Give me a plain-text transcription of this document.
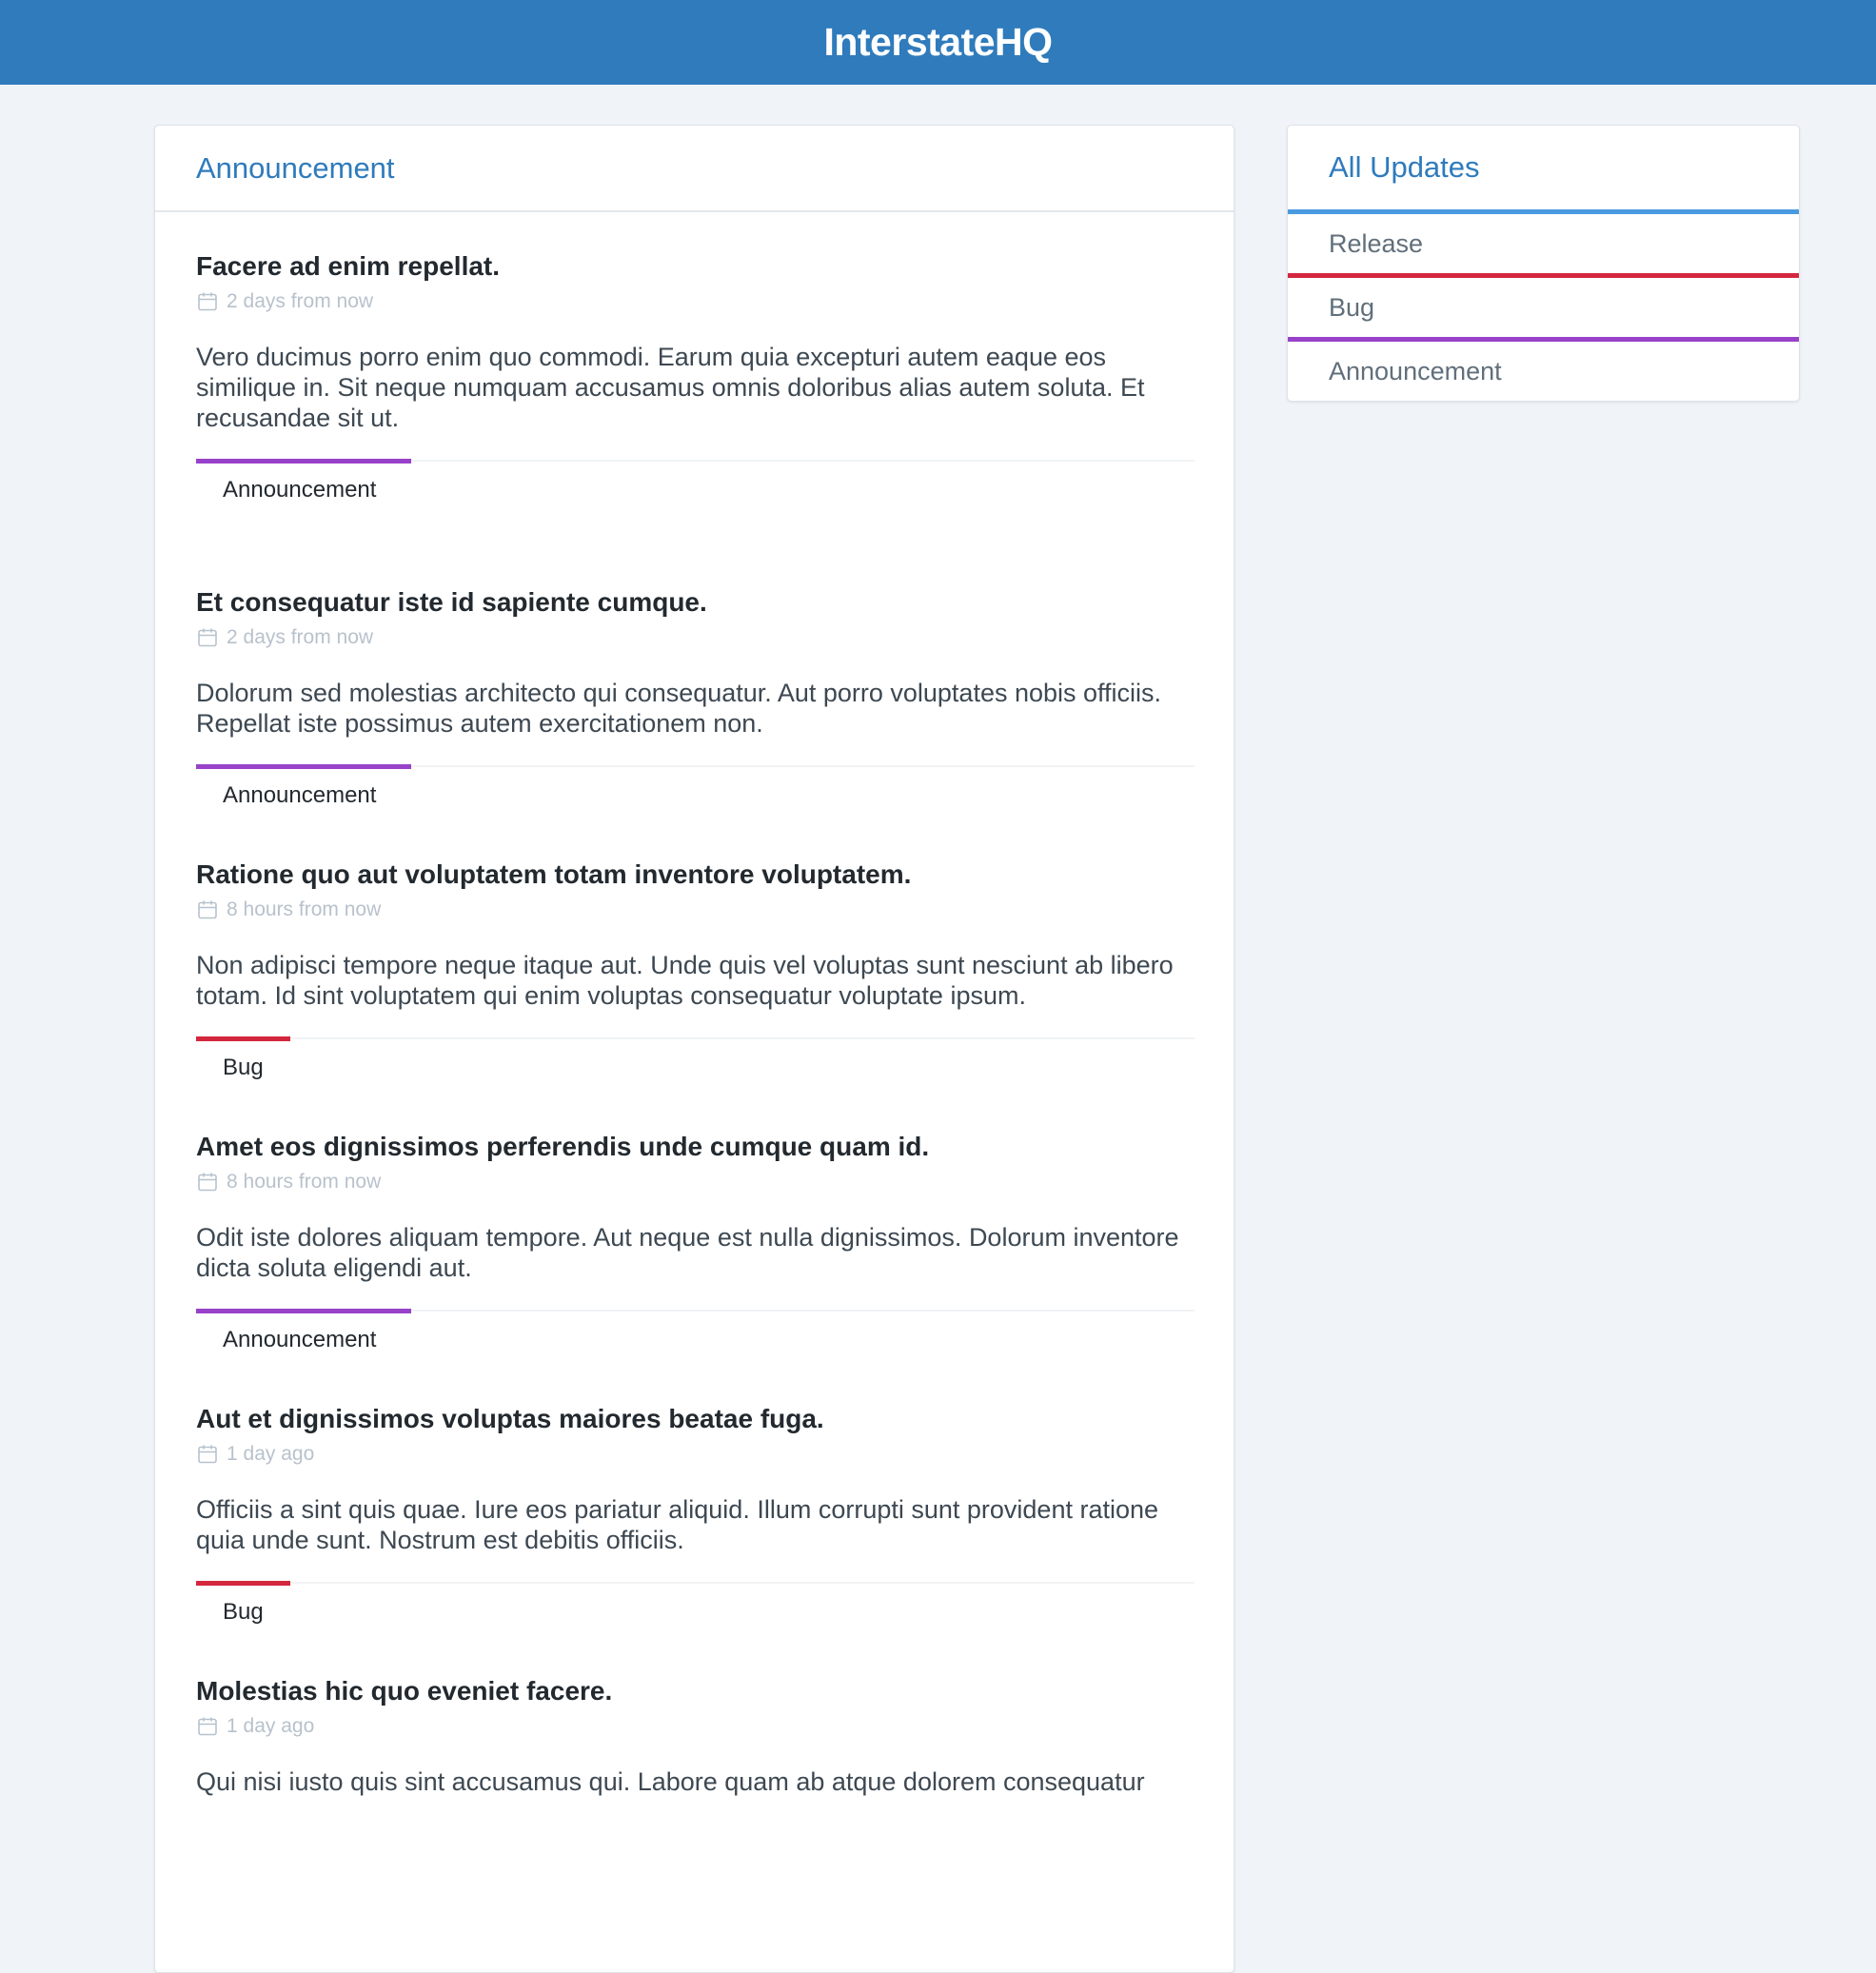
InterstateHQ
Announcement
Facere ad enim repellat.
2 days from now
Vero ducimus porro enim quo commodi. Earum quia excepturi autem eaque eos similique in. Sit neque numquam accusamus omnis doloribus alias autem soluta. Et recusandae sit ut.
Announcement
Et consequatur iste id sapiente cumque.
2 days from now
Dolorum sed molestias architecto qui consequatur. Aut porro voluptates nobis officiis. Repellat iste possimus autem exercitationem non.
Announcement
Ratione quo aut voluptatem totam inventore voluptatem.
8 hours from now
Non adipisci tempore neque itaque aut. Unde quis vel voluptas sunt nesciunt ab libero totam. Id sint voluptatem qui enim voluptas consequatur voluptate ipsum.
Bug
Amet eos dignissimos perferendis unde cumque quam id.
8 hours from now
Odit iste dolores aliquam tempore. Aut neque est nulla dignissimos. Dolorum inventore dicta soluta eligendi aut.
Announcement
Aut et dignissimos voluptas maiores beatae fuga.
1 day ago
Officiis a sint quis quae. Iure eos pariatur aliquid. Illum corrupti sunt provident ratione quia unde sunt. Nostrum est debitis officiis.
Bug
Molestias hic quo eveniet facere.
1 day ago
Qui nisi iusto quis sint accusamus qui. Labore quam ab atque dolorem consequatur
All Updates
Release
Bug
Announcement
